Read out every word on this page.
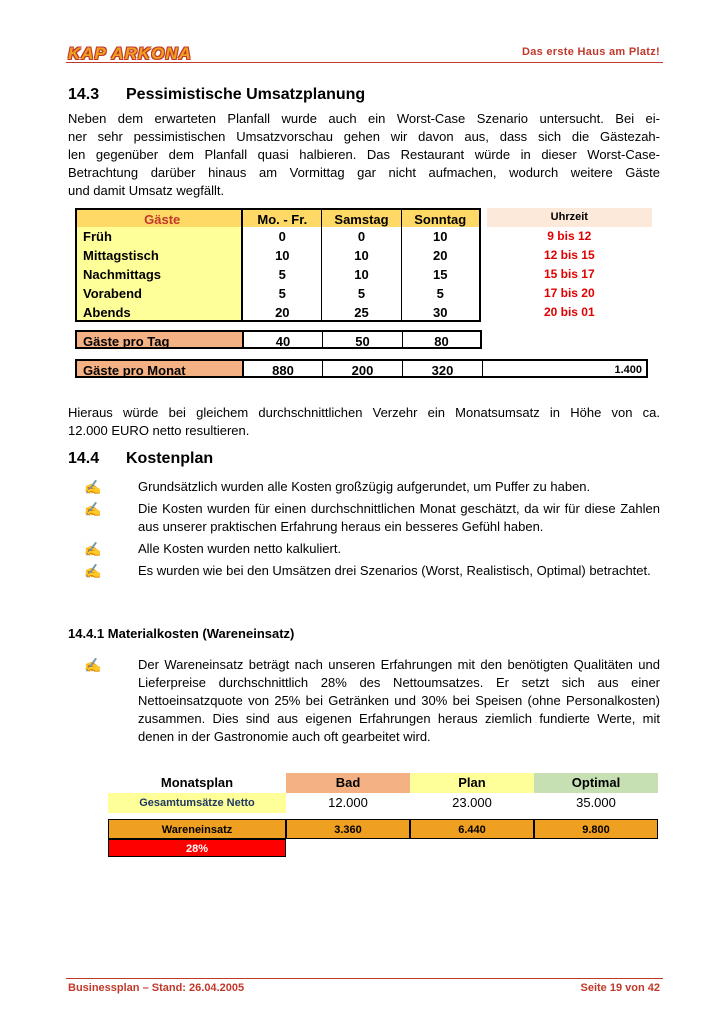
KAP ARKONA	Das erste Haus am Platz!
14.3 Pessimistische Umsatzplanung

Neben dem erwarteten Planfall wurde auch ein Worst-Case Szenario untersucht. Bei ei-

ner sehr pessimistischen Umsatzvorschau gehen wir davon aus, dass sich die Gästezah-

len gegenüber dem Planfall quasi halbieren. Das Restaurant würde in dieser Worst-Case-

Betrachtung darüber hinaus am Vormittag gar nicht aufmachen, wodurch weitere Gäste

und damit Umsatz wegfällt.

Gäste	Mo. - Fr.	Samstag	Sonntag	Uhrzeit
Früh	0	0	10	9 bis 12
Mittagstisch	10	10	20	12 bis 15
Nachmittags	5	10	15	15 bis 17
Vorabend	5	5	5	17 bis 20
Abends	20	25	30	20 bis 01
Gäste pro Tag	40	50	80
Gäste pro Monat	880	200	320	1.400

Hieraus würde bei gleichem durchschnittlichen Verzehr ein Monatsumsatz in Höhe von ca.

12.000 EURO netto resultieren.

14.4 Kostenplan
✍	Grundsätzlich wurden alle Kosten großzügig aufgerundet, um Puffer zu haben.
✍	Die Kosten wurden für einen durchschnittlichen Monat geschätzt, da wir für diese Zahlen aus unserer praktischen Erfahrung heraus ein besseres Gefühl haben.
✍	Alle Kosten wurden netto kalkuliert.
✍	Es wurden wie bei den Umsätzen drei Szenarios (Worst, Realistisch, Optimal) betrachtet.
14.4.1 Materialkosten (Wareneinsatz)
✍	Der Wareneinsatz beträgt nach unseren Erfahrungen mit den benötigten Qualitäten und Lieferpreise durchschnittlich 28% des Nettoumsatzes. Er setzt sich aus einer Nettoeinsatzquote von 25% bei Getränken und 30% bei Speisen (ohne Personalkosten) zusammen. Dies sind aus eigenen Erfahrungen heraus ziemlich fundierte Werte, mit denen in der Gastronomie auch oft gearbeitet wird.
Monatsplan	Bad	Plan	Optimal
Gesamtumsätze Netto	12.000	23.000	35.000
Wareneinsatz	3.360	6.440	9.800
28%
Businessplan – Stand: 26.04.2005	Seite 19 von 42
